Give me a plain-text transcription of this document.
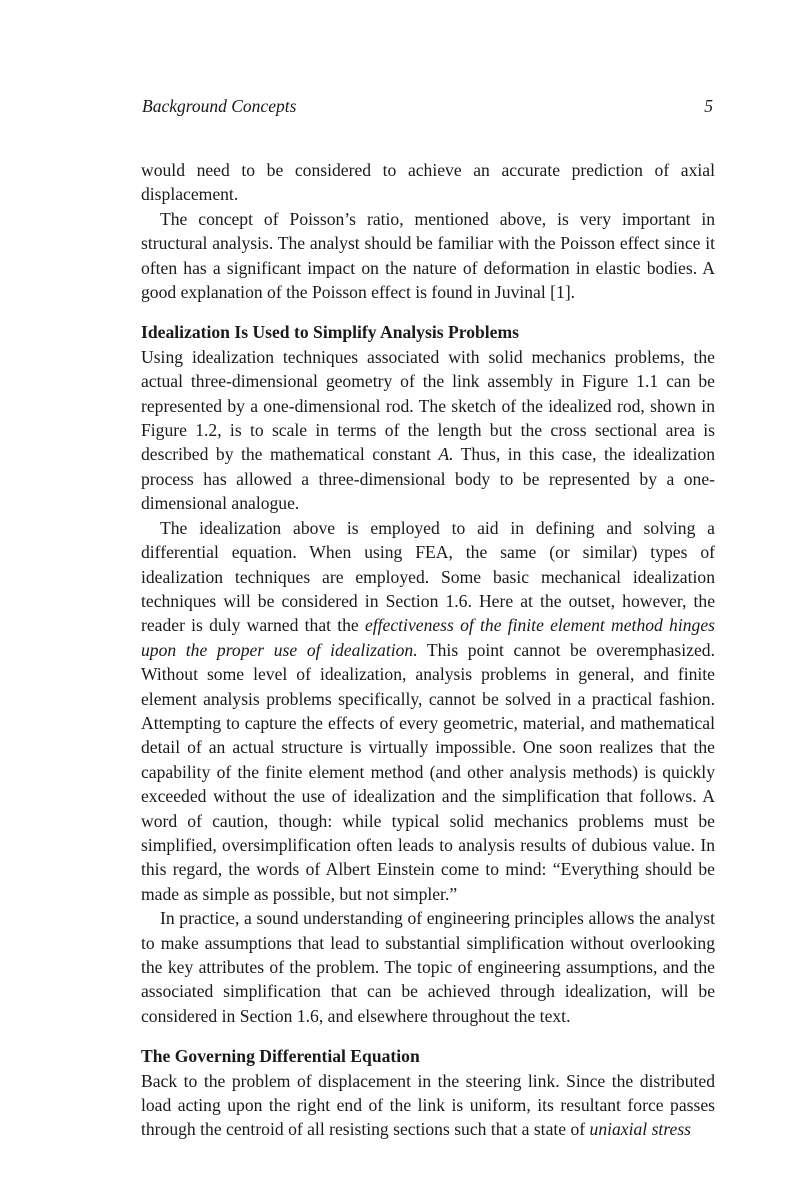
Background Concepts	5

would need to be considered to achieve an accurate prediction of axial displacement.

The concept of Poisson’s ratio, mentioned above, is very important in structural analysis. The analyst should be familiar with the Poisson effect since it often has a significant impact on the nature of deformation in elastic bodies. A good explanation of the Poisson effect is found in Juvinal [1].

Idealization Is Used to Simplify Analysis Problems

Using idealization techniques associated with solid mechanics problems, the actual three-dimensional geometry of the link assembly in Figure 1.1 can be represented by a one-dimensional rod. The sketch of the idealized rod, shown in Figure 1.2, is to scale in terms of the length but the cross sectional area is described by the mathematical constant A. Thus, in this case, the idealization process has allowed a three-dimensional body to be represented by a one-dimensional analogue.

The idealization above is employed to aid in defining and solving a differential equation. When using FEA, the same (or similar) types of idealization techniques are employed. Some basic mechanical idealization techniques will be considered in Section 1.6. Here at the outset, however, the reader is duly warned that the effectiveness of the finite element method hinges upon the proper use of idealization. This point cannot be overemphasized. Without some level of idealization, analysis problems in general, and finite element analysis problems specifically, cannot be solved in a practical fashion. Attempting to capture the effects of every geometric, material, and mathematical detail of an actual structure is virtually impossible. One soon realizes that the capability of the finite element method (and other analysis methods) is quickly exceeded without the use of idealization and the simplification that follows. A word of caution, though: while typical solid mechanics problems must be simplified, oversimplification often leads to analysis results of dubious value. In this regard, the words of Albert Einstein come to mind: “Everything should be made as simple as possible, but not simpler.”

In practice, a sound understanding of engineering principles allows the analyst to make assumptions that lead to substantial simplification without overlooking the key attributes of the problem. The topic of engineering assumptions, and the associated simplification that can be achieved through idealization, will be considered in Section 1.6, and elsewhere throughout the text.

The Governing Differential Equation

Back to the problem of displacement in the steering link. Since the distributed load acting upon the right end of the link is uniform, its resultant force passes through the centroid of all resisting sections such that a state of uniaxial stress
